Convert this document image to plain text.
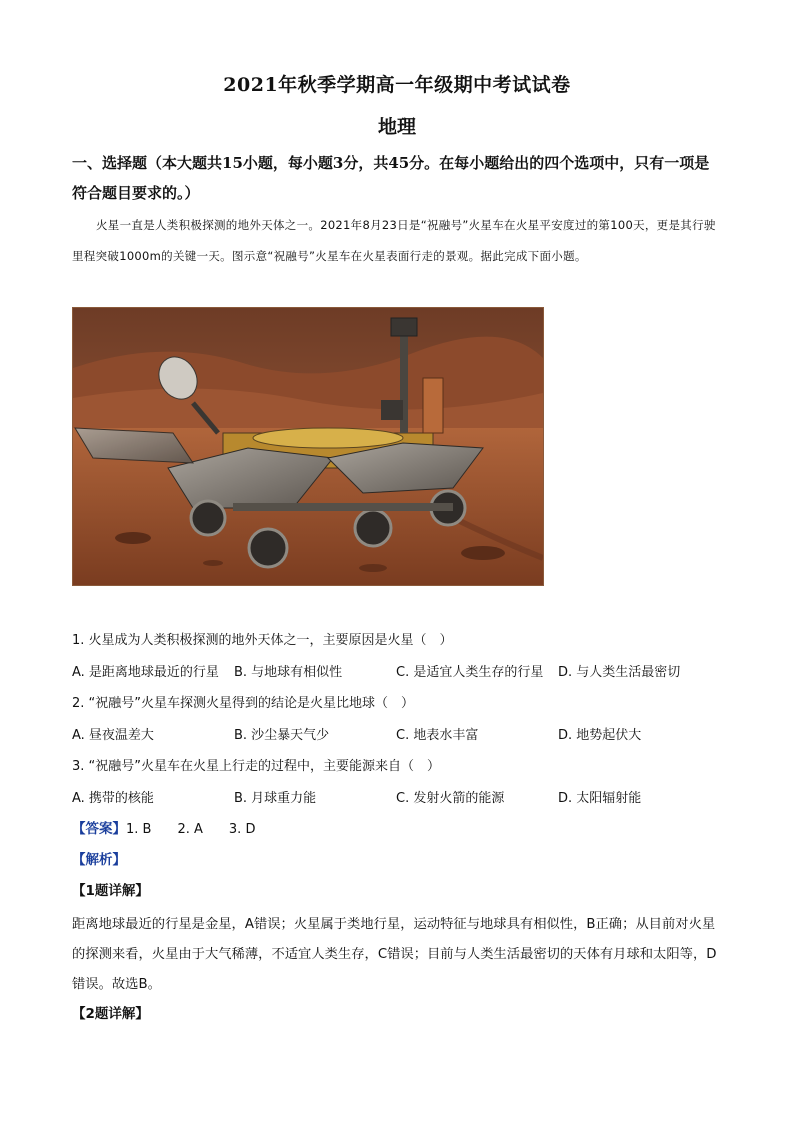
2021年秋季学期高一年级期中考试试卷
地理
一、选择题（本大题共15小题，每小题3分，共45分。在每小题给出的四个选项中，只有一项是符合题目要求的。）
火星一直是人类积极探测的地外天体之一。2021年8月23日是“祝融号”火星车在火星平安度过的第100天，更是其行驶里程突破1000m的关键一天。图示意“祝融号”火星车在火星表面行走的景观。据此完成下面小题。
1. 火星成为人类积极探测的地外天体之一，主要原因是火星（　）
A. 是距离地球最近的行星 B. 与地球有相似性	C. 是适宜人类生存的行星 D. 与人类生活最密切
2. “祝融号”火星车探测火星得到的结论是火星比地球（　）
A. 昼夜温差大	B. 沙尘暴天气少	C. 地表水丰富	D. 地势起伏大
3. “祝融号”火星车在火星上行走的过程中，主要能源来自（　）
A. 携带的核能	B. 月球重力能	C. 发射火箭的能源	D. 太阳辐射能
【答案】1. B 2. A 3. D
【解析】
【1题详解】
距离地球最近的行星是金星，A错误；火星属于类地行星，运动特征与地球具有相似性，B正确；从目前对火星的探测来看，火星由于大气稀薄，不适宜人类生存，C错误；目前与人类生活最密切的天体有月球和太阳等，D错误。故选B。
【2题详解】
